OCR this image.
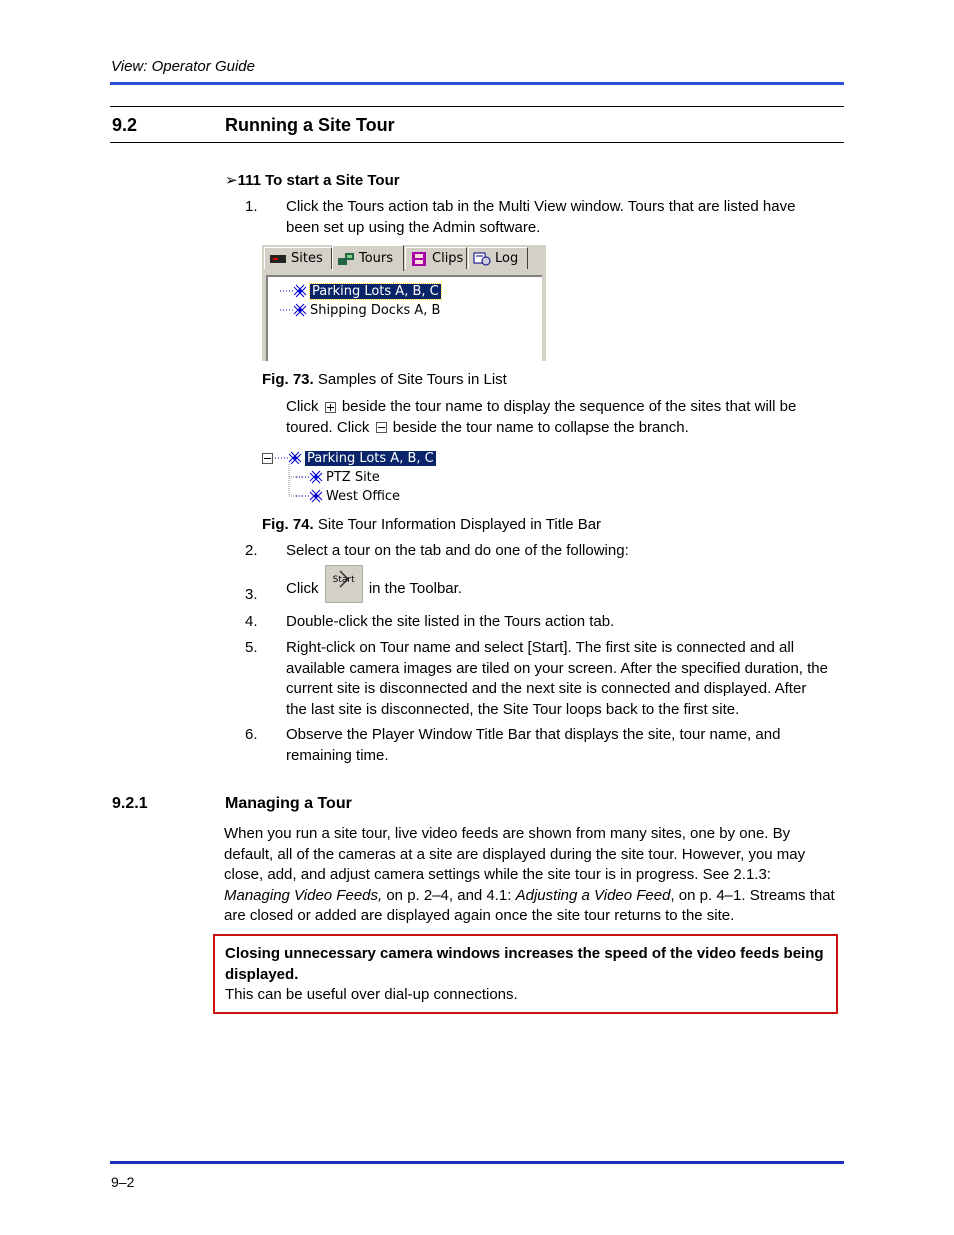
View: Operator Guide
9.2	Running a Site Tour
➢111 To start a Site Tour
1. Click the Tours action tab in the Multi View window. Tours that are listed have been set up using the Admin software.
Sites	Tours	Clips Log
Parking Lots A, B, C
Shipping Docks A, B
Fig. 73. Samples of Site Tours in List
Click beside the tour name to display the sequence of the sites that will be toured. Click beside the tour name to collapse the branch.
Parking Lots A, B, C
PTZ Site
West Office
Fig. 74. Site Tour Information Displayed in Title Bar
2. Select a tour on the tab and do one of the following:
3. Click	Start in the Toolbar.
4. Double-click the site listed in the Tours action tab.
5. Right-click on Tour name and select [Start]. The first site is connected and all available camera images are tiled on your screen. After the specified duration, the current site is disconnected and the next site is connected and displayed. After the last site is disconnected, the Site Tour loops back to the first site.
6. Observe the Player Window Title Bar that displays the site, tour name, and remaining time.
9.2.1	Managing a Tour
When you run a site tour, live video feeds are shown from many sites, one by one. By default, all of the cameras at a site are displayed during the site tour. However, you may close, add, and adjust camera settings while the site tour is in progress. See 2.1.3: Managing Video Feeds, on p. 2–4, and 4.1: Adjusting a Video Feed, on p. 4–1. Streams that are closed or added are displayed again once the site tour returns to the site.
Closing unnecessary camera windows increases the speed of the video feeds being displayed.
This can be useful over dial-up connections.
9–2
